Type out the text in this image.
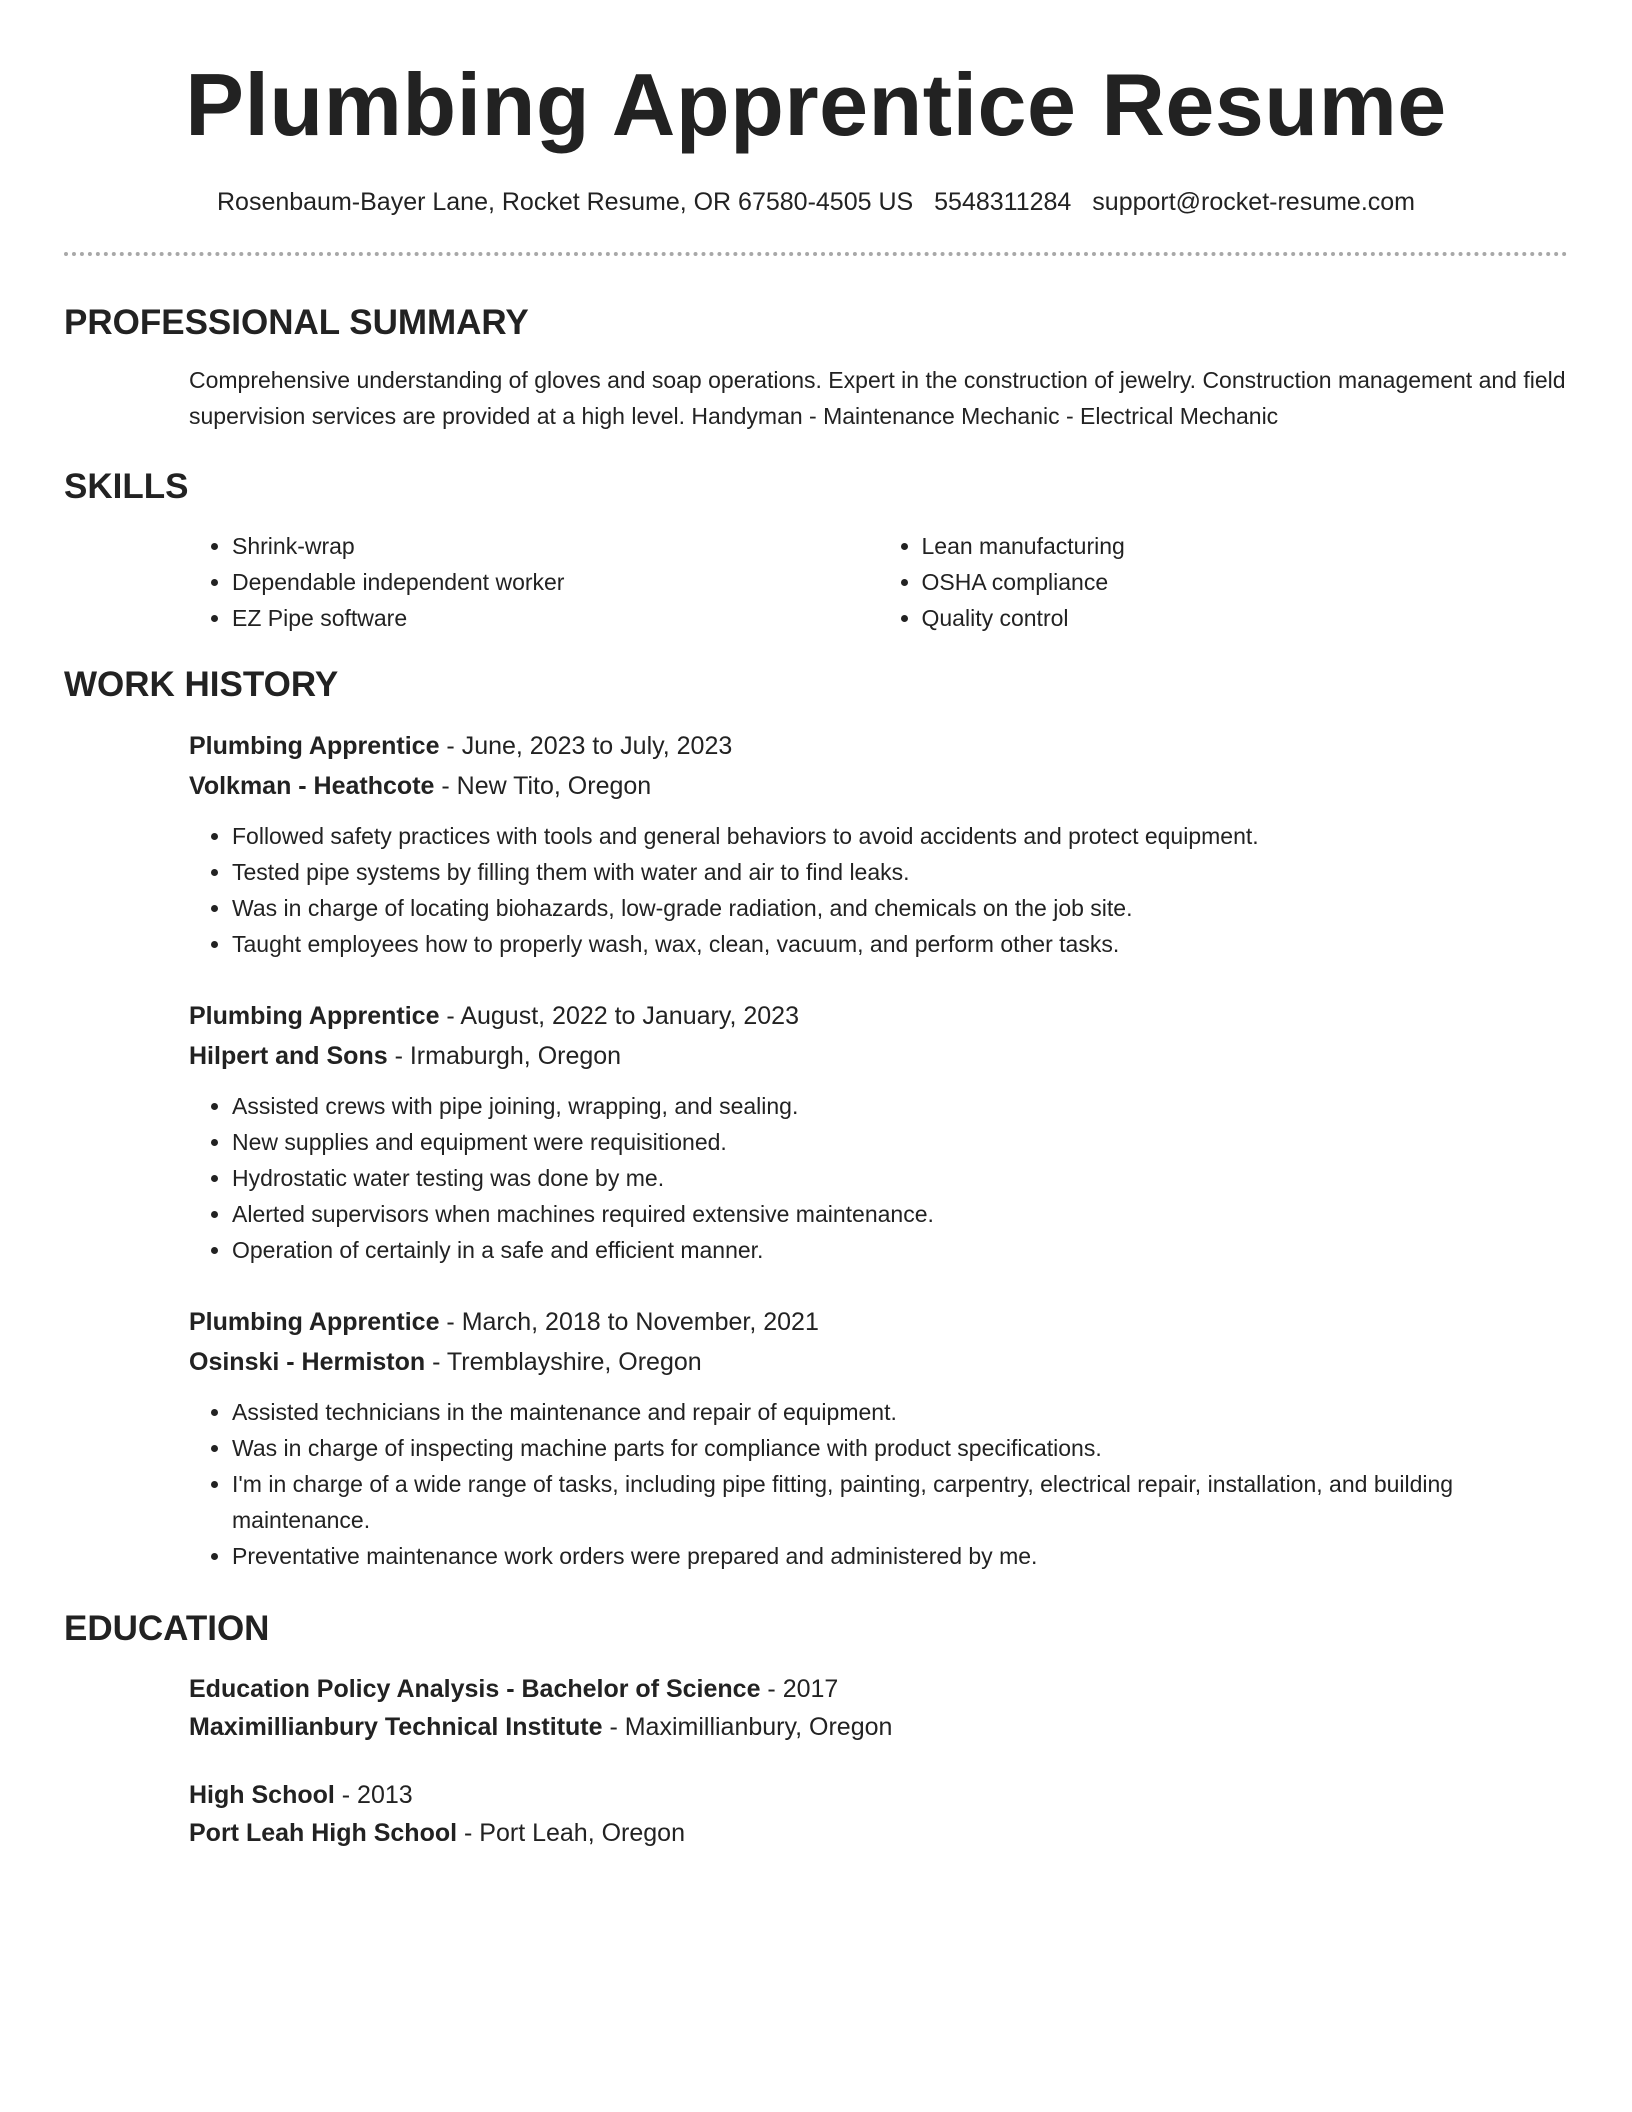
Plumbing Apprentice Resume
Rosenbaum-Bayer Lane, Rocket Resume, OR 67580-4505 US 5548311284 support@rocket-resume.com
PROFESSIONAL SUMMARY

Comprehensive understanding of gloves and soap operations. Expert in the construction of jewelry. Construction management and field supervision services are provided at a high level. Handyman - Maintenance Mechanic - Electrical Mechanic

SKILLS
• Shrink-wrap
• Dependable independent worker
• EZ Pipe software
• Lean manufacturing
• OSHA compliance
• Quality control
WORK HISTORY
Plumbing Apprentice - June, 2023 to July, 2023
Volkman - Heathcote - New Tito, Oregon
• Followed safety practices with tools and general behaviors to avoid accidents and protect equipment.
• Tested pipe systems by filling them with water and air to find leaks.
• Was in charge of locating biohazards, low-grade radiation, and chemicals on the job site.
• Taught employees how to properly wash, wax, clean, vacuum, and perform other tasks.
Plumbing Apprentice - August, 2022 to January, 2023
Hilpert and Sons - Irmaburgh, Oregon
• Assisted crews with pipe joining, wrapping, and sealing.
• New supplies and equipment were requisitioned.
• Hydrostatic water testing was done by me.
• Alerted supervisors when machines required extensive maintenance.
• Operation of certainly in a safe and efficient manner.
Plumbing Apprentice - March, 2018 to November, 2021
Osinski - Hermiston - Tremblayshire, Oregon
• Assisted technicians in the maintenance and repair of equipment.
• Was in charge of inspecting machine parts for compliance with product specifications.
• I'm in charge of a wide range of tasks, including pipe fitting, painting, carpentry, electrical repair, installation, and building maintenance.
• Preventative maintenance work orders were prepared and administered by me.
EDUCATION
Education Policy Analysis - Bachelor of Science - 2017
Maximillianbury Technical Institute - Maximillianbury, Oregon
High School - 2013
Port Leah High School - Port Leah, Oregon
